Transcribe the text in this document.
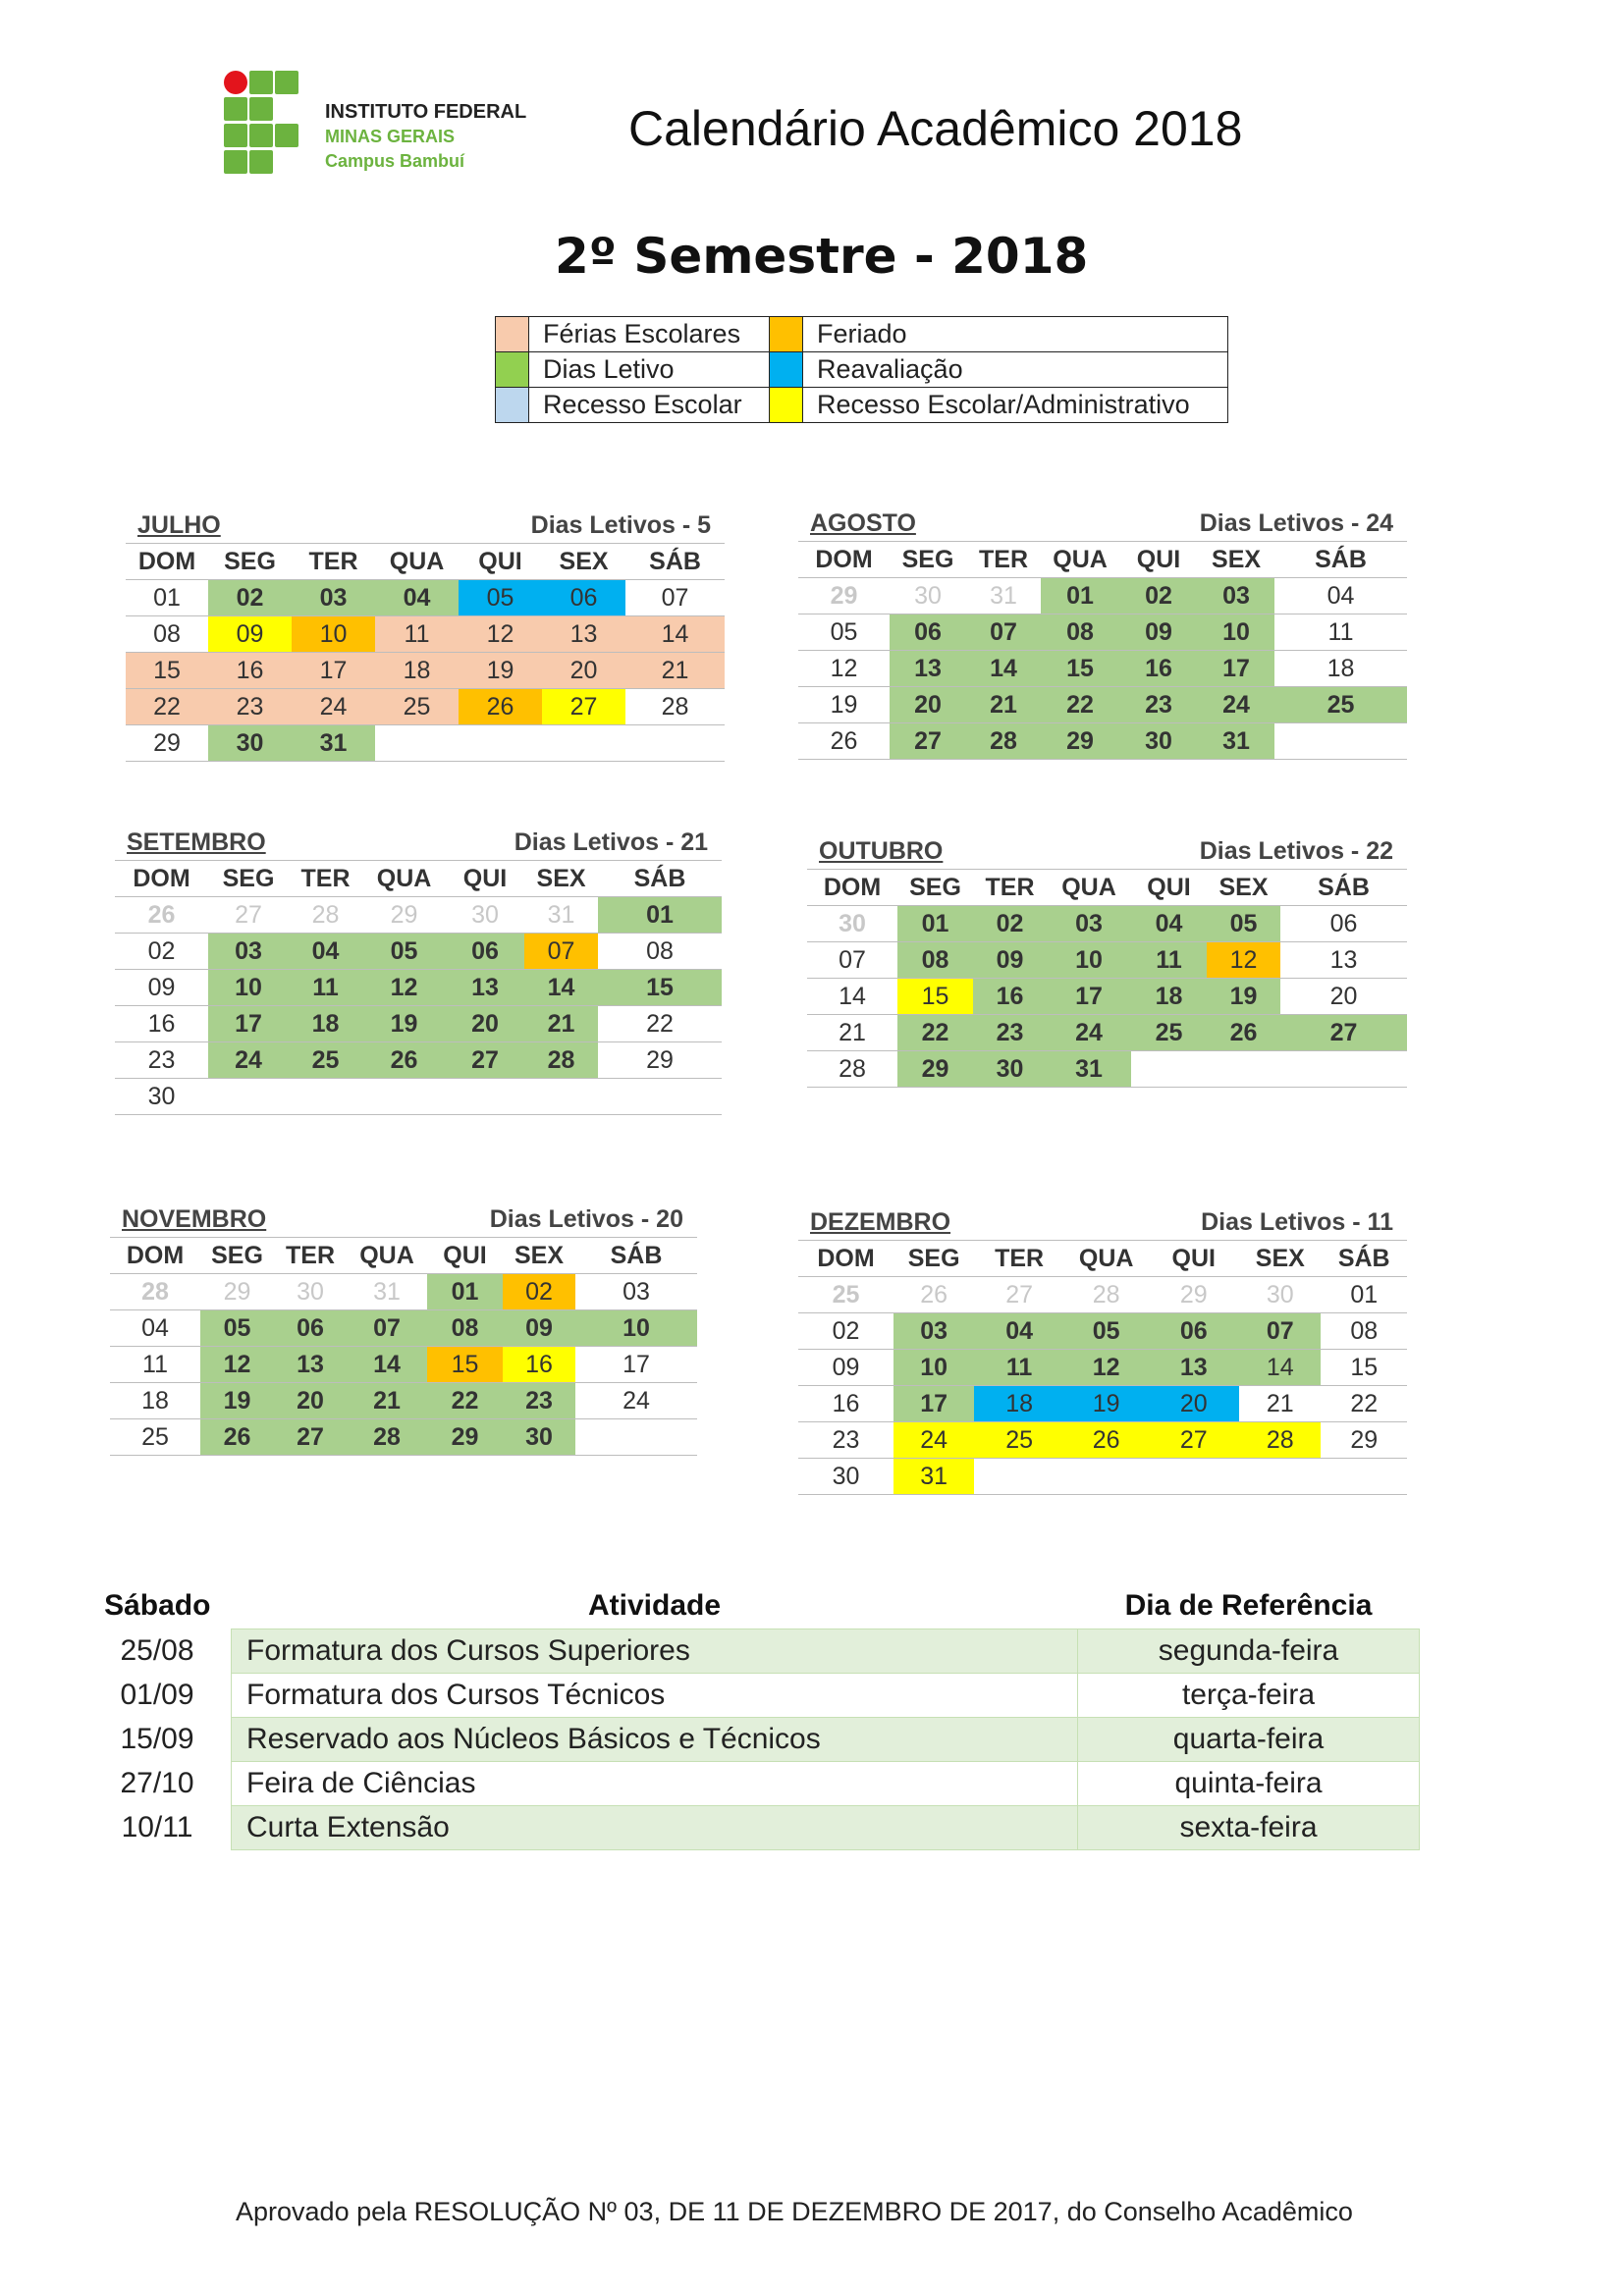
INSTITUTO FEDERAL
MINAS GERAIS
Campus Bambuí
Calendário Acadêmico 2018
2º Semestre - 2018
	Férias Escolares		Feriado
	Dias Letivo		Reavaliação
	Recesso Escolar		Recesso Escolar/Administrativo
JULHO			Dias Letivos - 5			
DOM	SEG	TER	QUA	QUI	SEX	SÁB
01	02	03	04	05	06	07
08	09	10	11	12	13	14
15	16	17	18	19	20	21
22	23	24	25	26	27	28
29	30	31				
AGOSTO			Dias Letivos - 24			
DOM	SEG	TER	QUA	QUI	SEX	SÁB
29	30	31	01	02	03	04
05	06	07	08	09	10	11
12	13	14	15	16	17	18
19	20	21	22	23	24	25
26	27	28	29	30	31	
SETEMBRO			Dias Letivos - 21			
DOM	SEG	TER	QUA	QUI	SEX	SÁB
26	27	28	29	30	31	01
02	03	04	05	06	07	08
09	10	11	12	13	14	15
16	17	18	19	20	21	22
23	24	25	26	27	28	29
30						
OUTUBRO			Dias Letivos - 22			
DOM	SEG	TER	QUA	QUI	SEX	SÁB
30	01	02	03	04	05	06
07	08	09	10	11	12	13
14	15	16	17	18	19	20
21	22	23	24	25	26	27
28	29	30	31			
NOVEMBRO			Dias Letivos - 20			
DOM	SEG	TER	QUA	QUI	SEX	SÁB
28	29	30	31	01	02	03
04	05	06	07	08	09	10
11	12	13	14	15	16	17
18	19	20	21	22	23	24
25	26	27	28	29	30	
DEZEMBRO			Dias Letivos - 11			
DOM	SEG	TER	QUA	QUI	SEX	SÁB
25	26	27	28	29	30	01
02	03	04	05	06	07	08
09	10	11	12	13	14	15
16	17	18	19	20	21	22
23	24	25	26	27	28	29
30	31					
Sábado	Atividade	Dia de Referência
25/08	Formatura dos Cursos Superiores	segunda-feira
01/09	Formatura dos Cursos Técnicos	terça-feira
15/09	Reservado aos Núcleos Básicos e Técnicos	quarta-feira
27/10	Feira de Ciências	quinta-feira
10/11	Curta Extensão	sexta-feira
Aprovado pela RESOLUÇÃO Nº 03, DE 11 DE DEZEMBRO DE 2017, do Conselho Acadêmico
